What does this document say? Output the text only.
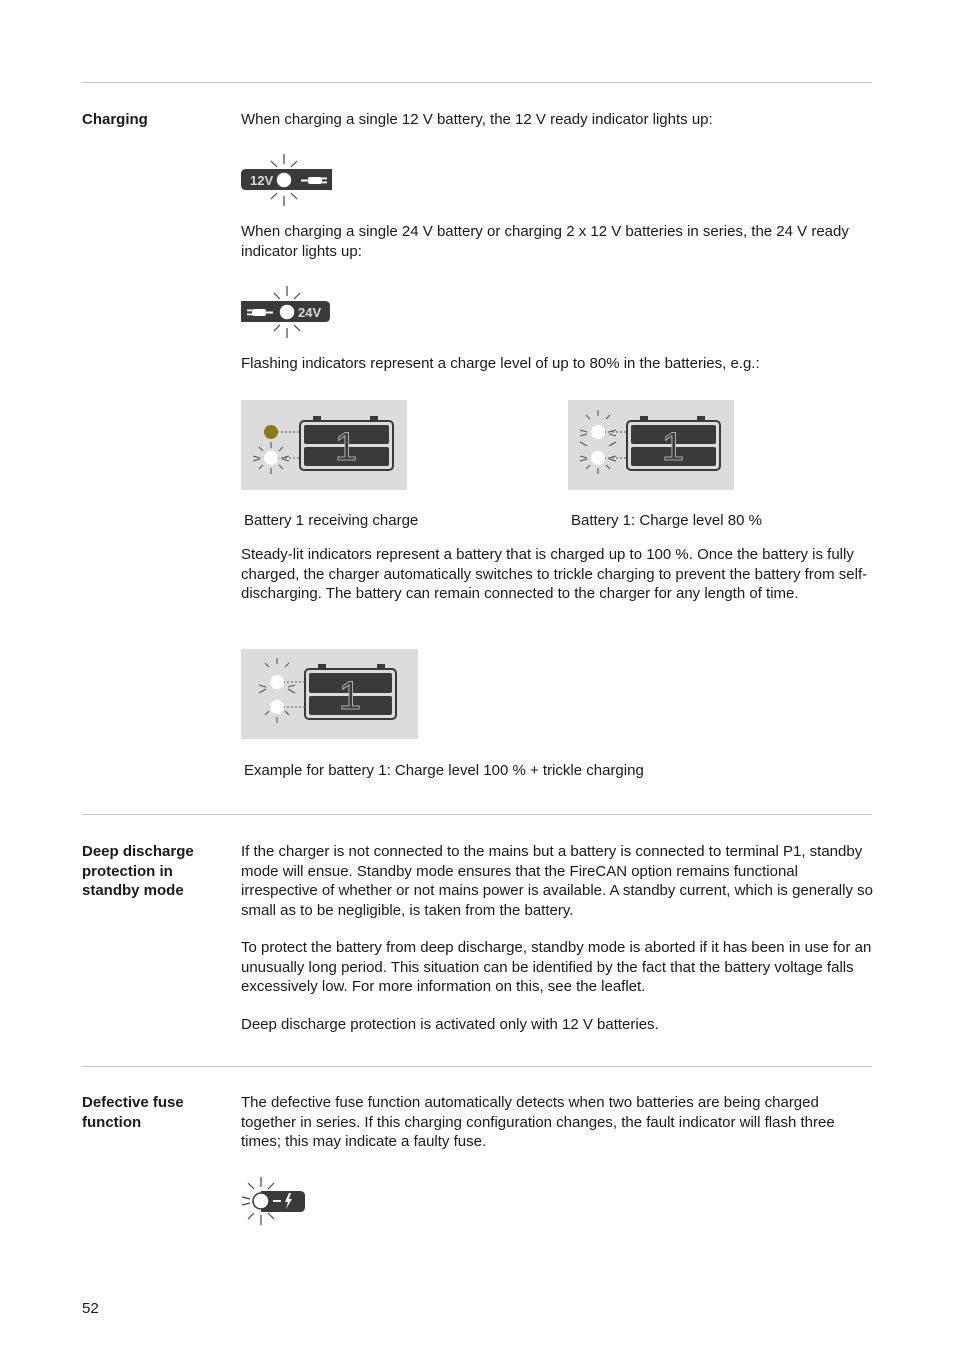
Charging	When charging a single 12 V battery, the 12 V ready indicator lights up:

12V

When charging a single 24 V battery or charging 2 x 12 V batteries in series, the 24 V ready indicator lights up:

24V

Flashing indicators represent a charge level of up to 80% in the batteries, e.g.:

1
Battery 1 receiving charge
1
Battery 1: Charge level 80 %

Steady-lit indicators represent a battery that is charged up to 100 %. Once the battery is fully charged, the charger automatically switches to trickle charging to prevent the battery from self-discharging. The battery can remain connected to the charger for any length of time.

1
Example for battery 1: Charge level 100 % + trickle charging
Deep discharge protection in standby mode

If the charger is not connected to the mains but a battery is connected to terminal P1, standby mode will ensue. Standby mode ensures that the FireCAN option remains functional irrespective of whether or not mains power is available. A standby current, which is generally so small as to be negligible, is taken from the battery.

To protect the battery from deep discharge, standby mode is aborted if it has been in use for an unusually long period. This situation can be identified by the fact that the battery voltage falls excessively low. For more information on this, see the leaflet.

Deep discharge protection is activated only with 12 V batteries.

Defective fuse function

The defective fuse function automatically detects when two batteries are being charged together in series. If this charging configuration changes, the fault indicator will flash three times; this may indicate a faulty fuse.

52
